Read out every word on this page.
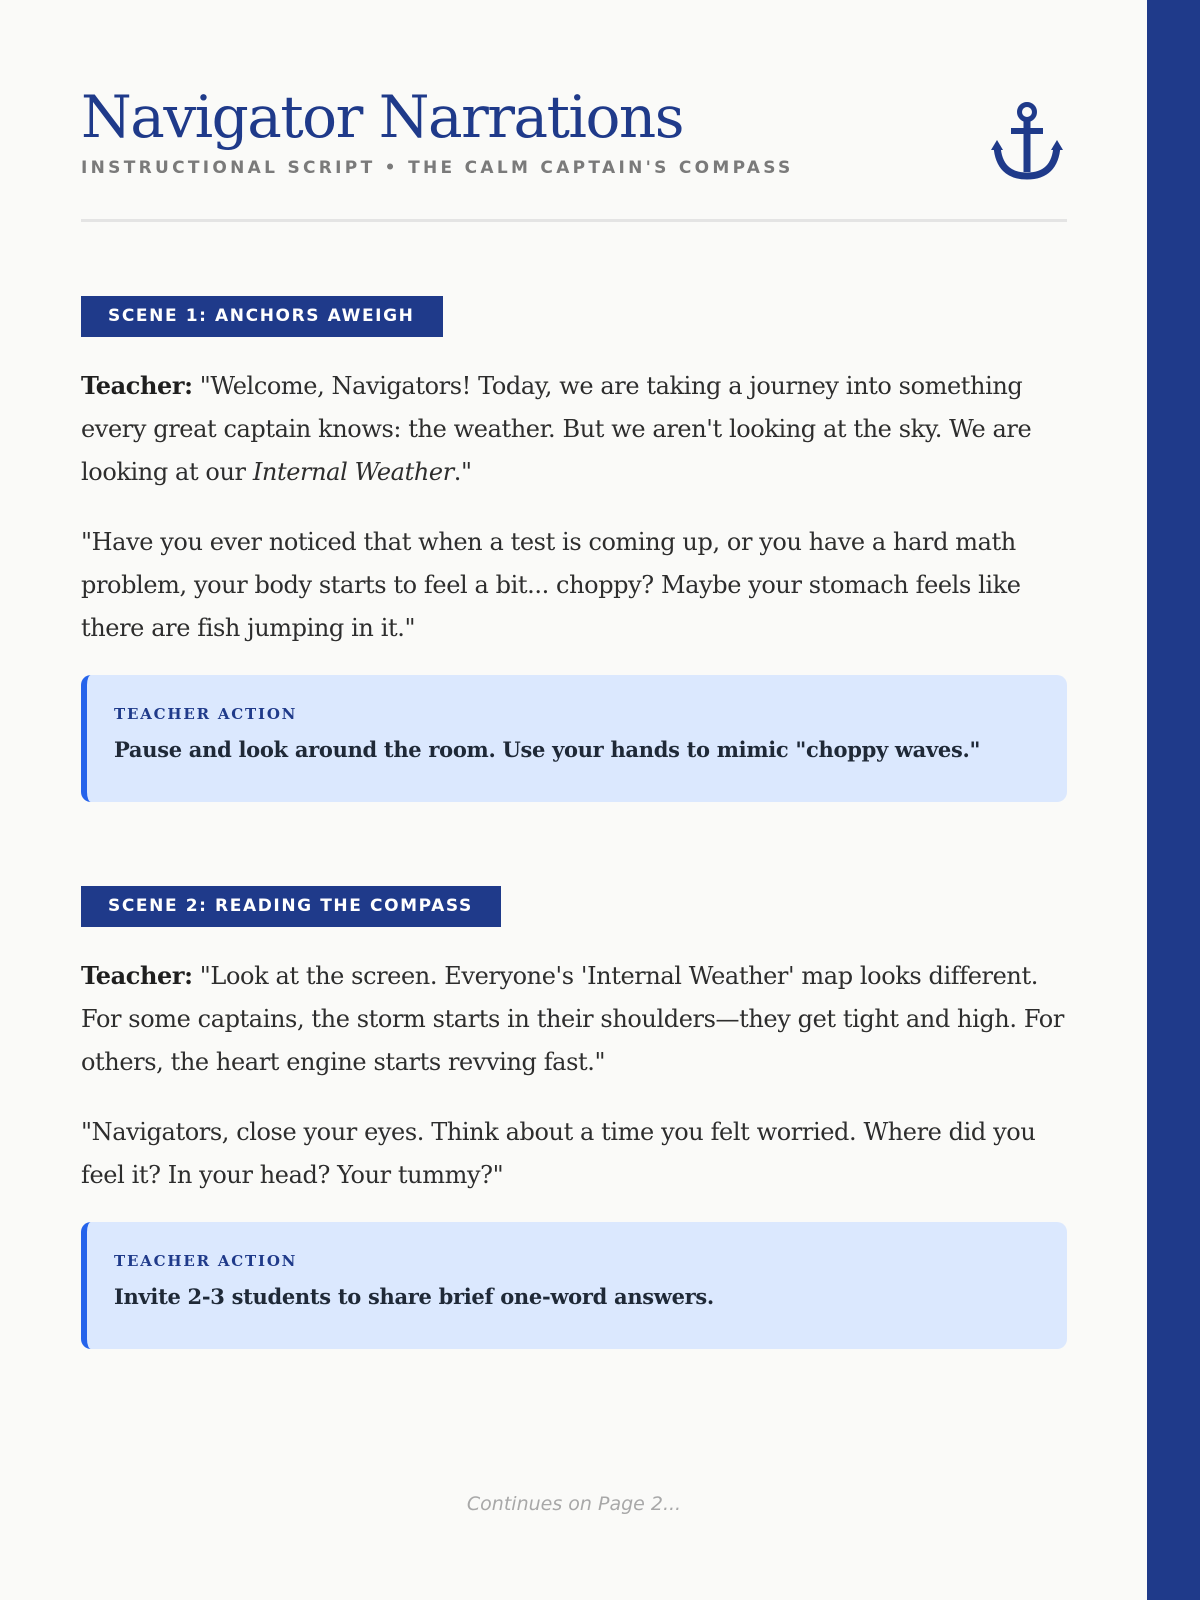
Navigator Narrations
INSTRUCTIONAL SCRIPT • THE CALM CAPTAIN'S COMPASS
SCENE 1: ANCHORS AWEIGH

Teacher: "Welcome, Navigators! Today, we are taking a journey into something every great captain knows: the weather. But we aren't looking at the sky. We are looking at our Internal Weather."

"Have you ever noticed that when a test is coming up, or you have a hard math problem, your body starts to feel a bit... choppy? Maybe your stomach feels like there are fish jumping in it."

TEACHER ACTION
Pause and look around the room. Use your hands to mimic "choppy waves."
SCENE 2: READING THE COMPASS

Teacher: "Look at the screen. Everyone's 'Internal Weather' map looks different. For some captains, the storm starts in their shoulders—they get tight and high. For others, the heart engine starts revving fast."

"Navigators, close your eyes. Think about a time you felt worried. Where did you feel it? In your head? Your tummy?"

TEACHER ACTION
Invite 2-3 students to share brief one-word answers.
Continues on Page 2...
